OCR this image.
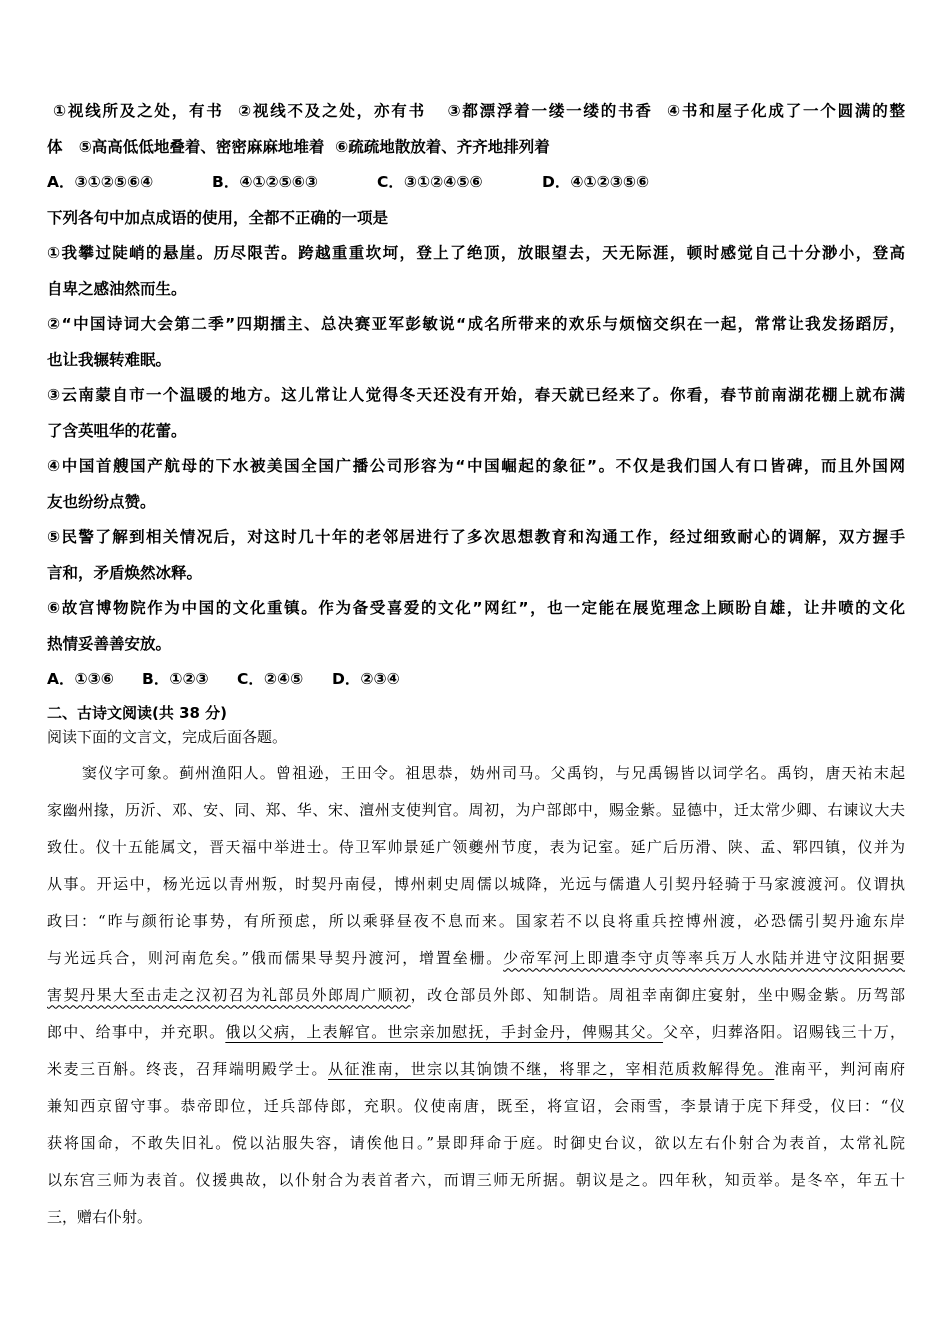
①视线所及之处，有书  ②视线不及之处，亦有书   ③都漂浮着一缕一缕的书香  ④书和屋子化成了一个圆满的整
体   ⑤高高低低地叠着、密密麻麻地堆着  ⑥疏疏地散放着、齐齐地排列着
A．③①②⑤⑥④	B．④①②⑤⑥③	C．③①②④⑤⑥	D．④①②③⑤⑥
下列各句中加点成语的使用，全都不正确的一项是
①我攀过陡峭的悬崖。历尽限苦。跨越重重坎坷，登上了绝顶，放眼望去，天无际涯，顿时感觉自己十分渺小，登高
自卑之感油然而生。
②“中国诗词大会第二季”四期擂主、总决赛亚军彭敏说“成名所带来的欢乐与烦恼交织在一起，常常让我发扬蹈厉，
也让我辗转难眠。
③云南蒙自市一个温暖的地方。这儿常让人觉得冬天还没有开始，春天就已经来了。你看，春节前南湖花棚上就布满
了含英咀华的花蕾。
④中国首艘国产航母的下水被美国全国广播公司形容为“中国崛起的象征”。不仅是我们国人有口皆碑，而且外国网
友也纷纷点赞。
⑤民警了解到相关情况后，对这时几十年的老邻居进行了多次思想教育和沟通工作，经过细致耐心的调解，双方握手
言和，矛盾焕然冰释。
⑥故宫博物院作为中国的文化重镇。作为备受喜爱的文化”网红”，也一定能在展览理念上顾盼自雄，让井喷的文化
热情妥善善安放。
A．①③⑥ B．①②③ C．②④⑤ D．②③④
二、古诗文阅读(共 38 分)
阅读下面的文言文，完成后面各题。
窦仪字可象。蓟州渔阳人。曾祖逊，王田令。祖思恭，妫州司马。父禹钧，与兄禹锡皆以词学名。禹钧，唐天祐末起
家幽州掾，历沂、邓、安、同、郑、华、宋、澶州支使判官。周初，为户部郎中，赐金紫。显德中，迁太常少卿、右谏议大夫
致仕。仪十五能属文，晋天福中举进士。侍卫军帅景延广领夔州节度，表为记室。延广后历滑、陕、孟、郓四镇，仪并为
从事。开运中，杨光远以青州叛，时契丹南侵，博州刺史周儒以城降，光远与儒遣人引契丹轻骑于马家渡渡河。仪谓执
政曰：“昨与颜衎论事势，有所预虑，所以乘驿昼夜不息而来。国家若不以良将重兵控博州渡，必恐儒引契丹逾东岸
与光远兵合，则河南危矣。”俄而儒果导契丹渡河，增置垒栅。少帝军河上即遣李守贞等率兵万人水陆并进守汶阳据要
害契丹果大至击走之汉初召为礼部员外郎周广顺初，改仓部员外郎、知制诰。周祖幸南御庄宴射，坐中赐金紫。历驾部
郎中、给事中，并充职。俄以父病，上表解官。世宗亲加慰抚，手封金丹，俾赐其父。父卒，归葬洛阳。诏赐钱三十万，
米麦三百斛。终丧，召拜端明殿学士。从征淮南，世宗以其饷馈不继，将罪之，宰相范质救解得免。淮南平，判河南府
兼知西京留守事。恭帝即位，迁兵部侍郎，充职。仪使南唐，既至，将宣诏，会雨雪，李景请于庑下拜受，仪曰：“仪
获将国命，不敢失旧礼。傥以沾服失容，请俟他日。”景即拜命于庭。时御史台议，欲以左右仆射合为表首，太常礼院
以东宫三师为表首。仪援典故，以仆射合为表首者六，而谓三师无所据。朝议是之。四年秋，知贡举。是冬卒，年五十
三，赠右仆射。
